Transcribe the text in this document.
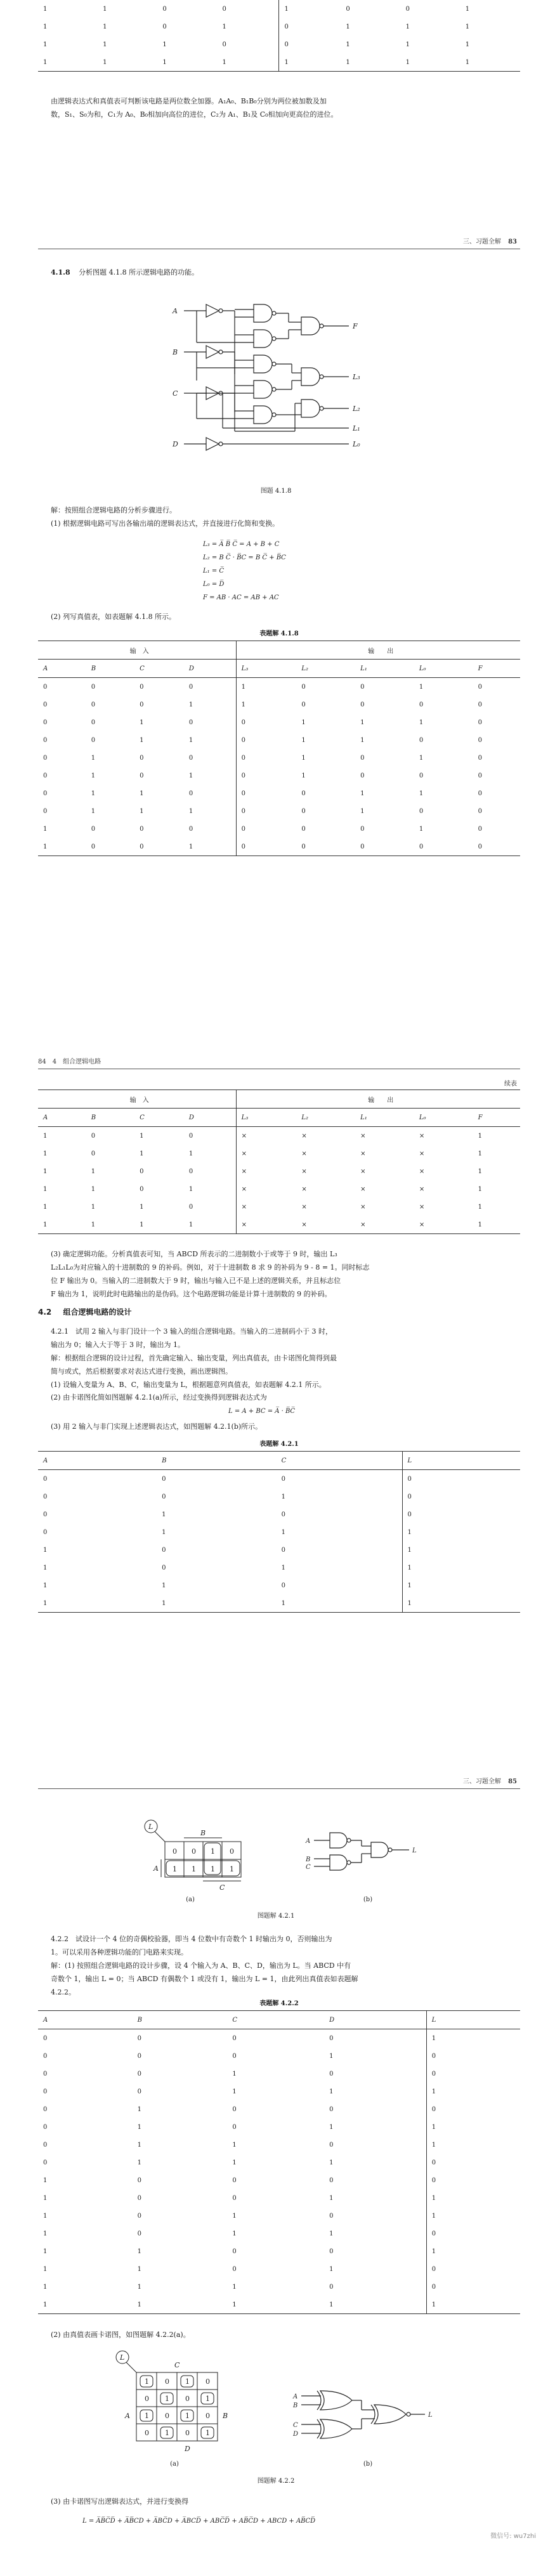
1	1	0	0	1	0	0	1
1	1	0	1	0	1	1	1
1	1	1	0	0	1	1	1
1	1	1	1	1	1	1	1
由逻辑表达式和真值表可判断该电路是两位数全加器。A₁A₀、B₁B₀分别为两位被加数及加
数，S₁、S₀为和，C₁为 A₀、B₀相加向高位的进位，C₂为 A₁、B₁及 C₀相加向更高位的进位。
三、习题全解 83
4.1.8 分析图题 4.1.8 所示逻辑电路的功能。
A
B
C
D
F
L₃
L₂
L₁
L₀
图题 4.1.8
解：按照组合逻辑电路的分析步骤进行。
(1) 根据逻辑电路可写出各输出端的逻辑表达式，并直接进行化简和变换。
L₃ = A̅ B̅ C̅ = A + B + C
L₂ = B C̅ · B̅C = B C̅ + B̅C
L₁ = C̅
L₀ = D̅
F = AB · AC = AB + AC
(2) 列写真值表，如表题解 4.1.8 所示。
表题解 4.1.8
输　入				输　　出				
A	B	C	D	L₃	L₂	L₁	L₀	F
0	0	0	0	1	0	0	1	0
0	0	0	1	1	0	0	0	0
0	0	1	0	0	1	1	1	0
0	0	1	1	0	1	1	0	0
0	1	0	0	0	1	0	1	0
0	1	0	1	0	1	0	0	0
0	1	1	0	0	0	1	1	0
0	1	1	1	0	0	1	0	0
1	0	0	0	0	0	0	1	0
1	0	0	1	0	0	0	0	0
84　4　组合逻辑电路
续表
输　入				输　　出				
A	B	C	D	L₃	L₂	L₁	L₀	F
1	0	1	0	×	×	×	×	1
1	0	1	1	×	×	×	×	1
1	1	0	0	×	×	×	×	1
1	1	0	1	×	×	×	×	1
1	1	1	0	×	×	×	×	1
1	1	1	1	×	×	×	×	1
(3) 确定逻辑功能。分析真值表可知，当 ABCD 所表示的二进制数小于或等于 9 时，输出 L₃
L₂L₁L₀为对应输入的十进制数的 9 的补码。例如，对于十进制数 8 求 9 的补码为 9 - 8 = 1。同时标志
位 F 输出为 0。当输入的二进制数大于 9 时，输出与输入已不是上述的逻辑关系，并且标志位
F 输出为 1，说明此时电路输出的是伪码。这个电路逻辑功能是计算十进制数的 9 的补码。
4.2 组合逻辑电路的设计
4.2.1　试用 2 输入与非门设计一个 3 输入的组合逻辑电路。当输入的二进制码小于 3 时，
输出为 0；输入大于等于 3 时，输出为 1。
解：根据组合逻辑的设计过程，首先确定输入、输出变量，列出真值表，由卡诺图化简得到最
简与或式，然后根据要求对表达式进行变换，画出逻辑图。
(1) 设输入变量为 A、B、C，输出变量为 L，根据题意列真值表，如表题解 4.2.1 所示。
(2) 由卡诺图化简如图题解 4.2.1(a)所示，经过变换得到逻辑表达式为
L = A + BC = A̅ · B̅C̅
(3) 用 2 输入与非门实现上述逻辑表达式，如图题解 4.2.1(b)所示。
表题解 4.2.1
A	B	C	L
0	0	0	0
0	0	1	0
0	1	0	0
0	1	1	1
1	0	0	1
1	0	1	1
1	1	0	1
1	1	1	1
三、习题全解 85
L
0 0 1 0
1 1 1 1
B
A
C
(a)
A
B
C
L
(b)
图题解 4.2.1
4.2.2　试设计一个 4 位的奇偶校验器，即当 4 位数中有奇数个 1 时输出为 0，否则输出为
1。可以采用各种逻辑功能的门电路来实现。
解：(1) 按照组合逻辑电路的设计步骤，设 4 个输入为 A、B、C、D，输出为 L。当 ABCD 中有
奇数个 1，输出 L = 0；当 ABCD 有偶数个 1 或没有 1，输出为 L = 1，由此列出真值表如表题解
4.2.2。
表题解 4.2.2
A	B	C	D	L
0	0	0	0	1
0	0	0	1	0
0	0	1	0	0
0	0	1	1	1
0	1	0	0	0
0	1	0	1	1
0	1	1	0	1
0	1	1	1	0
1	0	0	0	0
1	0	0	1	1
1	0	1	0	1
1	0	1	1	0
1	1	0	0	1
1	1	0	1	0
1	1	1	0	0
1	1	1	1	1
(2) 由真值表画卡诺图，如图题解 4.2.2(a)。
1 0 1 0
0 1 0 1
1 0 1 0
0 1 0 1
L
C
B
A
D
(a)
A
B
C
D
L
(b)
图题解 4.2.2
(3) 由卡诺图写出逻辑表达式，并进行变换得
L = A̅B̅C̅D̅ + A̅B̅CD + A̅BC̅D + A̅BCD̅ + ABC̅D̅ + AB̅C̅D + ABCD + AB̅CD̅
微信号: wu7zhi
